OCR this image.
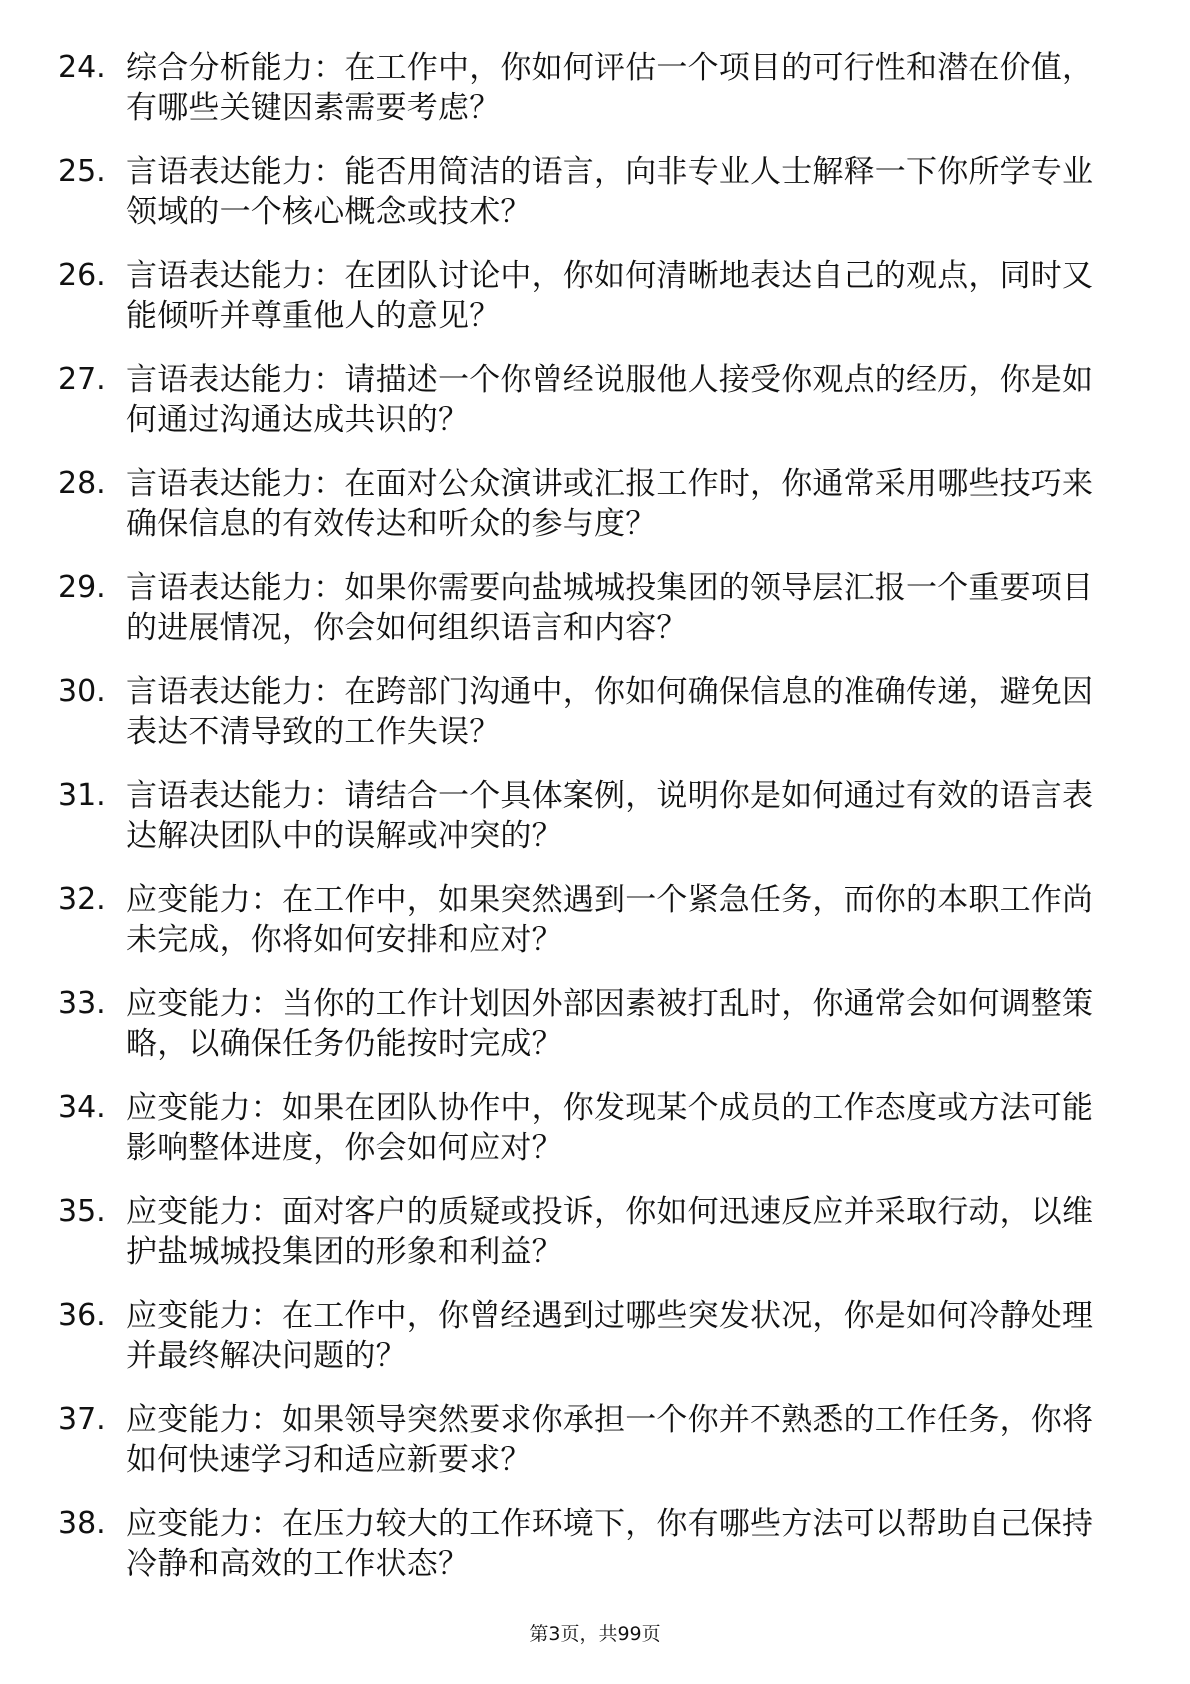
24. 综合分析能力：在工作中，你如何评估一个项目的可行性和潜在价值，有哪些关键因素需要考虑？
25. 言语表达能力：能否用简洁的语言，向非专业人士解释一下你所学专业领域的一个核心概念或技术？
26. 言语表达能力：在团队讨论中，你如何清晰地表达自己的观点，同时又能倾听并尊重他人的意见？
27. 言语表达能力：请描述一个你曾经说服他人接受你观点的经历，你是如何通过沟通达成共识的？
28. 言语表达能力：在面对公众演讲或汇报工作时，你通常采用哪些技巧来确保信息的有效传达和听众的参与度？
29. 言语表达能力：如果你需要向盐城城投集团的领导层汇报一个重要项目的进展情况，你会如何组织语言和内容？
30. 言语表达能力：在跨部门沟通中，你如何确保信息的准确传递，避免因表达不清导致的工作失误？
31. 言语表达能力：请结合一个具体案例，说明你是如何通过有效的语言表达解决团队中的误解或冲突的？
32. 应变能力：在工作中，如果突然遇到一个紧急任务，而你的本职工作尚未完成，你将如何安排和应对？
33. 应变能力：当你的工作计划因外部因素被打乱时，你通常会如何调整策略，以确保任务仍能按时完成？
34. 应变能力：如果在团队协作中，你发现某个成员的工作态度或方法可能影响整体进度，你会如何应对？
35. 应变能力：面对客户的质疑或投诉，你如何迅速反应并采取行动，以维护盐城城投集团的形象和利益？
36. 应变能力：在工作中，你曾经遇到过哪些突发状况，你是如何冷静处理并最终解决问题的？
37. 应变能力：如果领导突然要求你承担一个你并不熟悉的工作任务，你将如何快速学习和适应新要求？
38. 应变能力：在压力较大的工作环境下，你有哪些方法可以帮助自己保持冷静和高效的工作状态？
第3页，共99页
